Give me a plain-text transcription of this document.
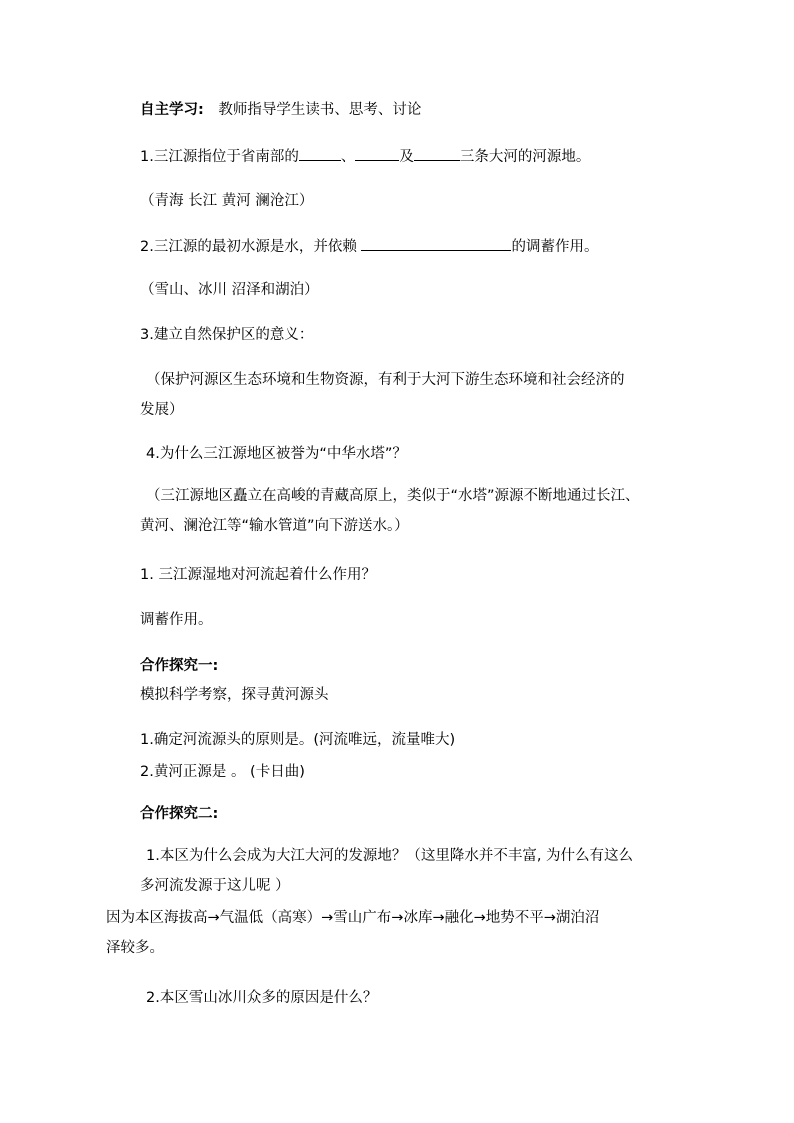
自主学习: 教师指导学生读书、思考、讨论
1.三江源指位于省南部的	、	及	三条大河的河源地。
（青海 长江 黄河 澜沧江）
2.三江源的最初水源是水，并依赖	的调蓄作用。
（雪山、冰川 沼泽和湖泊）
3.建立自然保护区的意义：
（保护河源区生态环境和生物资源，有利于大河下游生态环境和社会经济的
发展）
4.为什么三江源地区被誉为“中华水塔”？
（三江源地区矗立在高峻的青藏高原上，类似于“水塔”源源不断地通过长江、
黄河、澜沧江等“输水管道”向下游送水。）
1. 三江源湿地对河流起着什么作用？
调蓄作用。
合作探究一:
模拟科学考察，探寻黄河源头
1.确定河流源头的原则是。(河流唯远，流量唯大)
2.黄河正源是 。 (卡日曲)
合作探究二:
1.本区为什么会成为大江大河的发源地？（这里降水并不丰富, 为什么有这么
多河流发源于这儿呢 ）
因为本区海拔高→气温低（高寒）→雪山广布→冰库→融化→地势不平→湖泊沼
泽较多。
2.本区雪山冰川众多的原因是什么？
